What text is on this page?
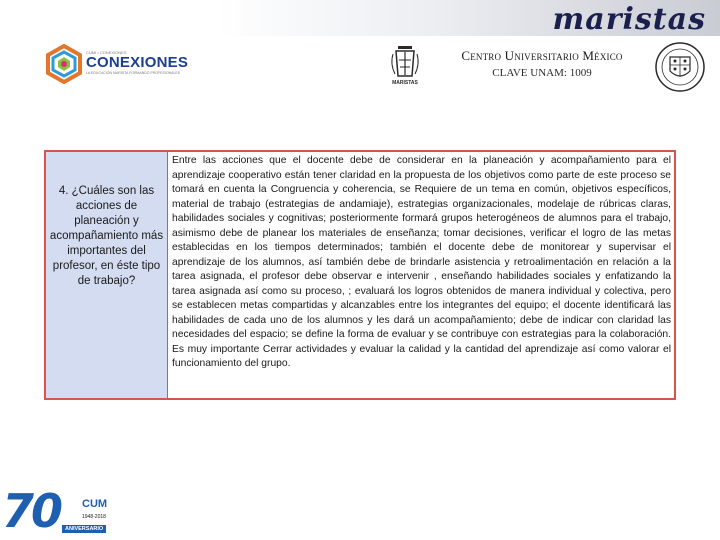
maristas
CUMI • CONEXIONES
CONEXIONES
LA EDUCACIÓN MARISTA FORMANDO PROFESIONALES
MARISTAS
Centro Universitario México
CLAVE UNAM: 1009
4. ¿Cuáles son las acciones de planeación y acompañamiento más importantes del profesor, en éste tipo de trabajo?
Entre las acciones que el docente debe de considerar en la planeación y acompañamiento para el aprendizaje cooperativo están tener claridad en la propuesta de los objetivos como parte de este proceso se tomará en cuenta la Congruencia y coherencia, se Requiere de un tema en común, objetivos específicos, material de trabajo (estrategias de andamiaje), estrategias organizacionales, modelaje de rúbricas claras, habilidades sociales y cognitivas; posteriormente formará grupos heterogéneos de alumnos para el trabajo, asimismo debe de planear los materiales de enseñanza; tomar decisiones, verificar el logro de las metas establecidas en los tiempos determinados; también el docente debe de monitorear y supervisar el aprendizaje de los alumnos, así también debe de brindarle asistencia y retroalimentación en relación a la tarea asignada, el profesor debe observar e intervenir , enseñando habilidades sociales y enfatizando la tarea asignada así como su proceso, ; evaluará los logros obtenidos de manera individual y colectiva, pero se establecen metas compartidas y alcanzables entre los integrantes del equipo; el docente identificará las habilidades de cada uno de los alumnos y les dará un acompañamiento; debe de indicar con claridad las necesidades del espacio; se define la forma de evaluar y se contribuye con estrategias para la colaboración. Es muy importante Cerrar actividades y evaluar la calidad y la cantidad del aprendizaje así como valorar el funcionamiento del grupo.
70 CUM
1948-2018
ANIVERSARIO
